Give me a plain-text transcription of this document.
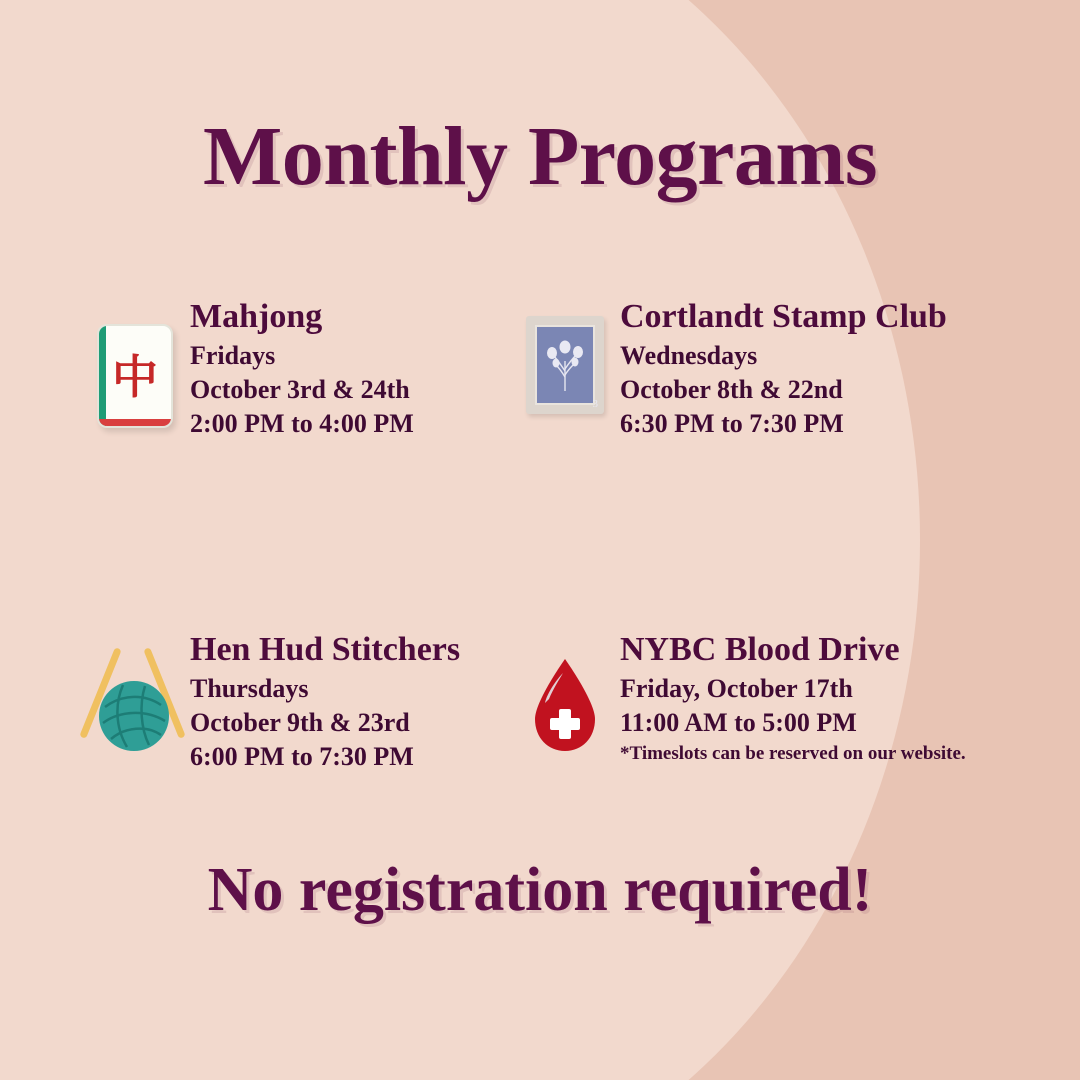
Monthly Programs
中
Mahjong
Fridays
October 3rd & 24th
2:00 PM to 4:00 PM
3
Cortlandt Stamp Club
Wednesdays
October 8th & 22nd
6:30 PM to 7:30 PM
Hen Hud Stitchers
Thursdays
October 9th & 23rd
6:00 PM to 7:30 PM
NYBC Blood Drive
Friday, October 17th
11:00 AM to 5:00 PM
*Timeslots can be reserved on our website.
No registration required!
